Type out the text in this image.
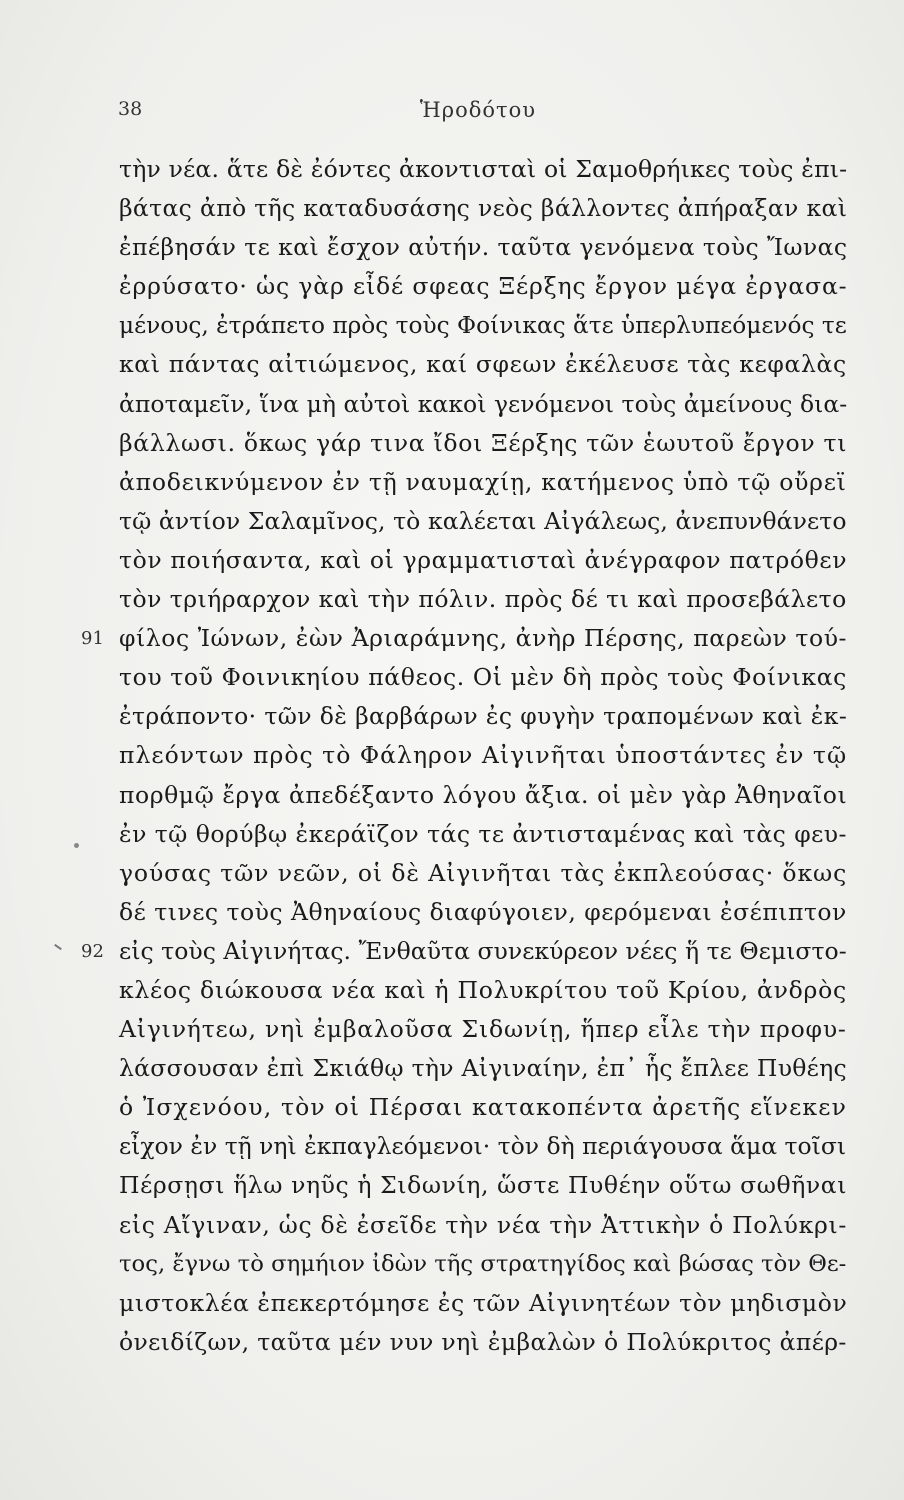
38	Ἡροδότου
τὴν νέα. ἅτε δὲ ἐόντες ἀκοντισταὶ οἱ Σαμοθρήικες τοὺς ἐπι-
βάτας ἀπὸ τῆς καταδυσάσης νεὸς βάλλοντες ἀπήραξαν καὶ
ἐπέβησάν τε καὶ ἔσχον αὐτήν. ταῦτα γενόμενα τοὺς Ἴωνας
ἐρρύσατο· ὡς γὰρ εἶδέ σφεας Ξέρξης ἔργον μέγα ἐργασα-
μένους, ἐτράπετο πρὸς τοὺς Φοίνικας ἅτε ὑπερλυπεόμενός τε
καὶ πάντας αἰτιώμενος, καί σφεων ἐκέλευσε τὰς κεφαλὰς
ἀποταμεῖν, ἵνα μὴ αὐτοὶ κακοὶ γενόμενοι τοὺς ἀμείνους δια-
βάλλωσι. ὅκως γάρ τινα ἴδοι Ξέρξης τῶν ἑωυτοῦ ἔργον τι
ἀποδεικνύμενον ἐν τῇ ναυμαχίῃ, κατήμενος ὑπὸ τῷ οὔρεϊ
τῷ ἀντίον Σαλαμῖνος, τὸ καλέεται Αἰγάλεως, ἀνεπυνθάνετο
τὸν ποιήσαντα, καὶ οἱ γραμματισταὶ ἀνέγραφον πατρόθεν
τὸν τριήραρχον καὶ τὴν πόλιν. πρὸς δέ τι καὶ προσεβάλετο
91 φίλος Ἰώνων, ἐὼν Ἀριαράμνης, ἀνὴρ Πέρσης, παρεὼν τού-
του τοῦ Φοινικηίου πάθεος. Οἱ μὲν δὴ πρὸς τοὺς Φοίνικας
ἐτράποντο· τῶν δὲ βαρβάρων ἐς φυγὴν τραπομένων καὶ ἐκ-
πλεόντων πρὸς τὸ Φάληρον Αἰγινῆται ὑποστάντες ἐν τῷ
πορθμῷ ἔργα ἀπεδέξαντο λόγου ἄξια. οἱ μὲν γὰρ Ἀθηναῖοι
ἐν τῷ θορύβῳ ἐκεράϊζον τάς τε ἀντισταμένας καὶ τὰς φευ-
γούσας τῶν νεῶν, οἱ δὲ Αἰγινῆται τὰς ἐκπλεούσας· ὅκως
δέ τινες τοὺς Ἀθηναίους διαφύγοιεν, φερόμεναι ἐσέπιπτον
92 εἰς τοὺς Αἰγινήτας. Ἔνθαῦτα συνεκύρεον νέες ἥ τε Θεμιστο-
κλέος διώκουσα νέα καὶ ἡ Πολυκρίτου τοῦ Κρίου, ἀνδρὸς
Αἰγινήτεω, νηὶ ἐμβαλοῦσα Σιδωνίῃ, ἥπερ εἷλε τὴν προφυ-
λάσσουσαν ἐπὶ Σκιάθῳ τὴν Αἰγιναίην, ἐπ᾿ ἧς ἔπλεε Πυθέης
ὁ Ἰσχενόου, τὸν οἱ Πέρσαι κατακοπέντα ἀρετῆς εἵνεκεν
εἶχον ἐν τῇ νηὶ ἐκπαγλεόμενοι· τὸν δὴ περιάγουσα ἅμα τοῖσι
Πέρσῃσι ἥλω νηῦς ἡ Σιδωνίη, ὥστε Πυθέην οὕτω σωθῆναι
εἰς Αἴγιναν, ὡς δὲ ἐσεῖδε τὴν νέα τὴν Ἀττικὴν ὁ Πολύκρι-
τος, ἔγνω τὸ σημήιον ἰδὼν τῆς στρατηγίδος καὶ βώσας τὸν Θε-
μιστοκλέα ἐπεκερτόμησε ἐς τῶν Αἰγινητέων τὸν μηδισμὸν
ὀνειδίζων, ταῦτα μέν νυν νηὶ ἐμβαλὼν ὁ Πολύκριτος ἀπέρ-
